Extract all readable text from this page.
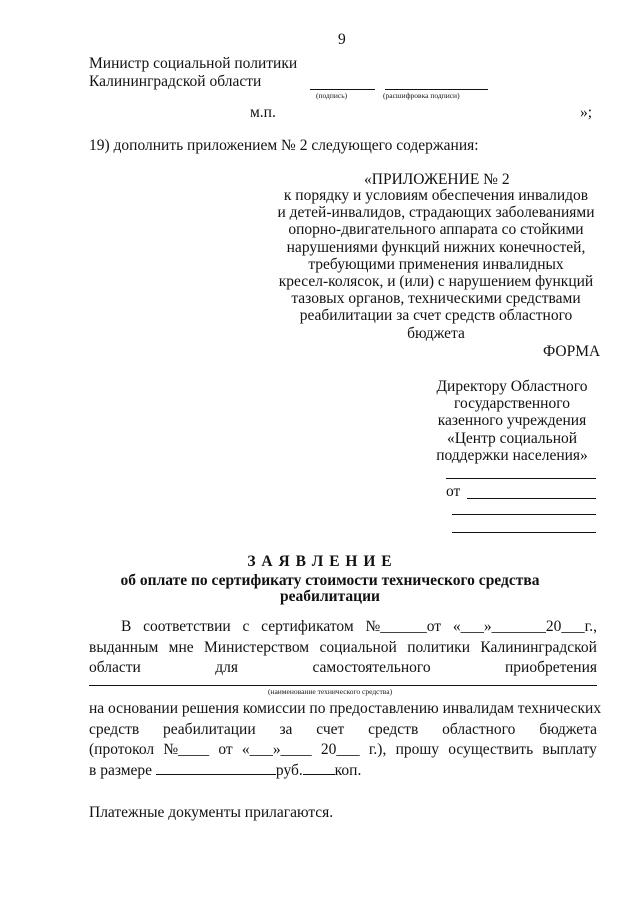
9
Министр социальной политики
Калининградской области
(подпись)	(расшифровка подписи)
м.п.	»;
19) дополнить приложением № 2 следующего содержания:
«ПРИЛОЖЕНИЕ № 2
к порядку и условиям обеспечения инвалидов
и детей-инвалидов, страдающих заболеваниями
опорно-двигательного аппарата со стойкими
нарушениями функций нижних конечностей,
требующими применения инвалидных
кресел-колясок, и (или) с нарушением функций
тазовых органов, техническими средствами
реабилитации за счет средств областного
бюджета
ФОРМА
Директору Областного
государственного
казенного учреждения
«Центр социальной
поддержки населения»
от
З А Я В Л Е Н И Е
об оплате по сертификату стоимости технического средства
реабилитации
В соответствии с сертификатом №______от «___»_______20___г.,
выданным мне Министерством социальной политики Калининградской
области	для	самостоятельного	приобретения
(наименование технического средства)
на основании решения комиссии по предоставлению инвалидам технических
средств реабилитации за счет средств областного бюджета
(протокол №____ от «___»____ 20___ г.), прошу осуществить выплату
в размере	руб. коп.
Платежные документы прилагаются.
